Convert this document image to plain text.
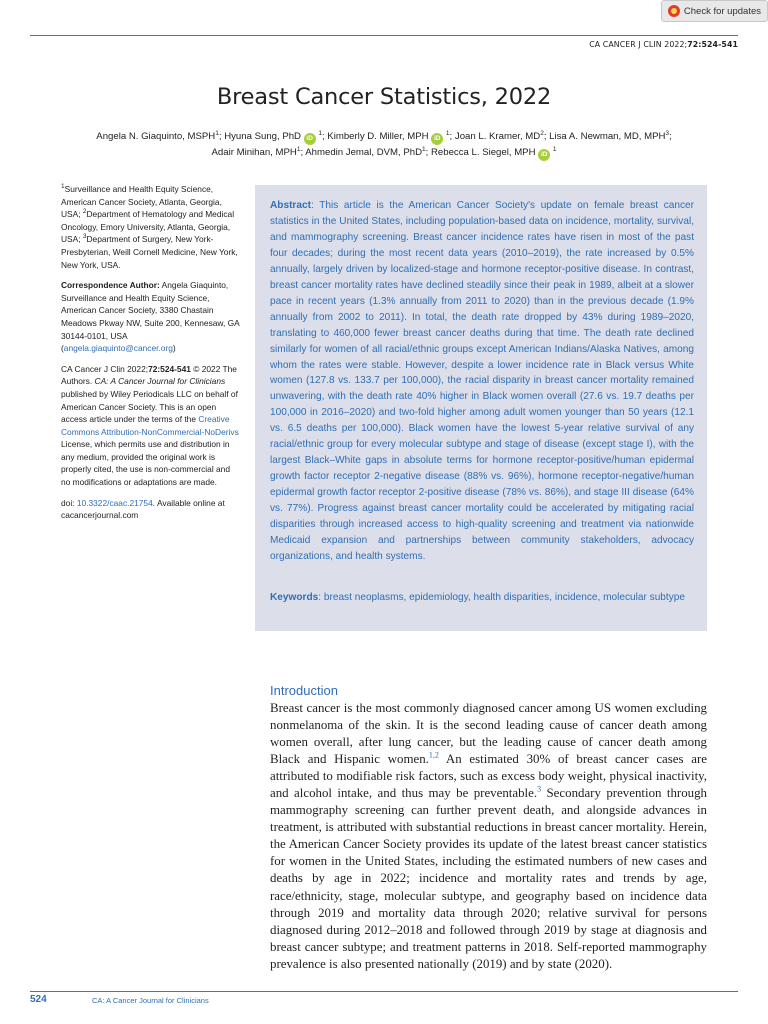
Check for updates
CA CANCER J CLIN 2022;72:524-541
Breast Cancer Statistics, 2022
Angela N. Giaquinto, MSPH$^1$; Hyuna Sung, PhD iD $^1$; Kimberly D. Miller, MPH iD $^1$; Joan L. Kramer, $MD^2$; Lisa A. Newman, MD, MPH$^3$;
Adair Minihan, MPH$^1$; Ahmedin Jemal, DVM, PhD$^1$; Rebecca L. Siegel, MPH iD $^1$

$^1$Surveillance and Health Equity Science, American Cancer Society, Atlanta, Georgia, USA; $^2$Department of Hematology and Medical Oncology, Emory University, Atlanta, Georgia, USA; $^3$Department of Surgery, New York-Presbyterian, Weill Cornell Medicine, New York, New York, USA.

Correspondence Author: Angela Giaquinto, Surveillance and Health Equity Science, American Cancer Society, 3380 Chastain Meadows Pkway NW, Suite 200, Kennesaw, GA 30144-0101, USA (angela.giaquinto@cancer.org)

CA Cancer J Clin 2022;72:524-541 © 2022 The Authors. CA: A Cancer Journal for Clinicians published by Wiley Periodicals LLC on behalf of American Cancer Society. This is an open access article under the terms of the Creative Commons Attribution-NonCommercial-NoDerivs License, which permits use and distribution in any medium, provided the original work is properly cited, the use is non-commercial and no modifications or adaptations are made.

doi: 10.3322/caac.21754. Available online at cacancerjournal.com

Abstract: This article is the American Cancer Society's update on female breast cancer statistics in the United States, including population-based data on incidence, mortality, survival, and mammography screening. Breast cancer incidence rates have risen in most of the past four decades; during the most recent data years (2010–2019), the rate increased by 0.5% annually, largely driven by localized-stage and hormone receptor-positive disease. In contrast, breast cancer mortality rates have declined steadily since their peak in 1989, albeit at a slower pace in recent years (1.3% annually from 2011 to 2020) than in the previous decade (1.9% annually from 2002 to 2011). In total, the death rate dropped by 43% during 1989–2020, translating to 460,000 fewer breast cancer deaths during that time. The death rate declined similarly for women of all racial/ethnic groups except American Indians/Alaska Natives, among whom the rates were stable. However, despite a lower incidence rate in Black versus White women (127.8 vs. 133.7 per 100,000), the racial disparity in breast cancer mortality remained unwavering, with the death rate 40% higher in Black women overall (27.6 vs. 19.7 deaths per 100,000 in 2016–2020) and two-fold higher among adult women younger than 50 years (12.1 vs. 6.5 deaths per 100,000). Black women have the lowest 5-year relative survival of any racial/ethnic group for every molecular subtype and stage of disease (except stage I), with the largest Black–White gaps in absolute terms for hormone receptor-positive/human epidermal growth factor receptor 2-negative disease (88% vs. 96%), hormone receptor-negative/human epidermal growth factor receptor 2-positive disease (78% vs. 86%), and stage III disease (64% vs. 77%). Progress against breast cancer mortality could be accelerated by mitigating racial disparities through increased access to high-quality screening and treatment via nationwide Medicaid expansion and partnerships between community stakeholders, advocacy organizations, and health systems.

Keywords: breast neoplasms, epidemiology, health disparities, incidence, molecular subtype

Introduction

Breast cancer is the most commonly diagnosed cancer among US women excluding nonmelanoma of the skin. It is the second leading cause of cancer death among women overall, after lung cancer, but the leading cause of cancer death among Black and Hispanic women.$^{1,2}$ An estimated 30% of breast cancer cases are attributed to modifiable risk factors, such as excess body weight, physical inactivity, and alcohol intake, and thus may be preventable.$^3$ Secondary prevention through mammography screening can further prevent death, and alongside advances in treatment, is attributed with substantial reductions in breast cancer mortality. Herein, the American Cancer Society provides its update of the latest breast cancer statistics for women in the United States, including the estimated numbers of new cases and deaths by age in 2022; incidence and mortality rates and trends by age, race/ethnicity, stage, molecular subtype, and geography based on incidence data through 2019 and mortality data through 2020; relative survival for persons diagnosed during 2012–2018 and followed through 2019 by stage at diagnosis and breast cancer subtype; and treatment patterns in 2018. Self-reported mammography prevalence is also presented nationally (2019) and by state (2020).

524	CA: A Cancer Journal for Clinicians
